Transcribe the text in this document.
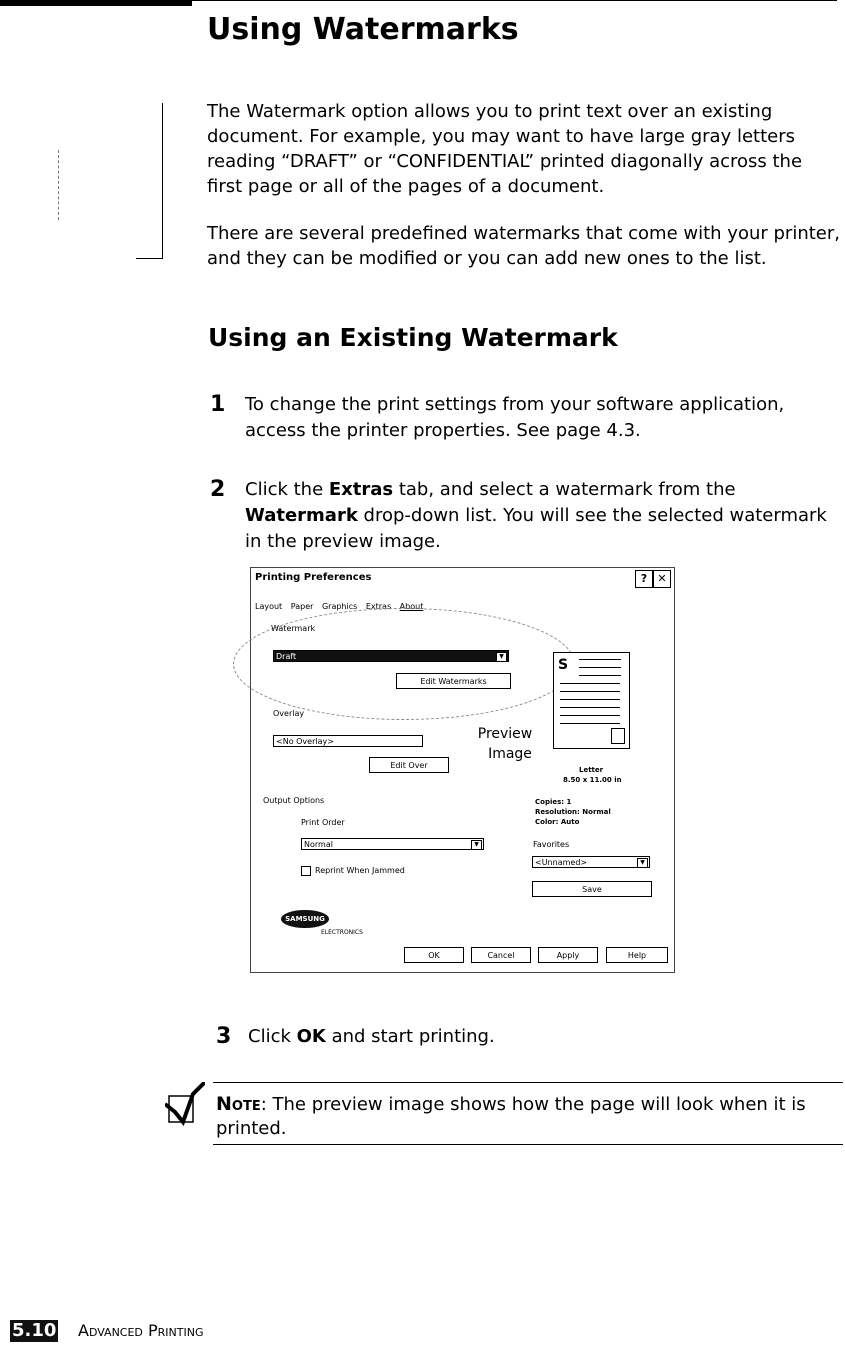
Using Watermarks

The Watermark option allows you to print text over an existing document. For example, you may want to have large gray letters reading “DRAFT” or “CONFIDENTIAL” printed diagonally across the first page or all of the pages of a document.

There are several predefined watermarks that come with your printer, and they can be modified or you can add new ones to the list.

Using an Existing Watermark
1 To change the print settings from your software application, access the printer properties. See page 4.3.
2 Click the Extras tab, and select a watermark from the Watermark drop-down list. You will see the selected watermark in the preview image.
Printing Preferences	? ✕
Layout Paper Graphics Extras About
Watermark
Draft	▼
Edit Watermarks
Overlay
<No Overlay>
Edit Over
Preview
Image
S
Letter
8.50 x 11.00 in
Output Options
Print Order
Normal	▼
Reprint When Jammed
Copies: 1
Resolution: Normal
Color: Auto
Favorites
<Unnamed>	▼
Save
SAMSUNG
ELECTRONICS
OK	Cancel	Apply	Help
3 Click OK and start printing.
Note: The preview image shows how the page will look when it is printed.
5.10 Advanced Printing
